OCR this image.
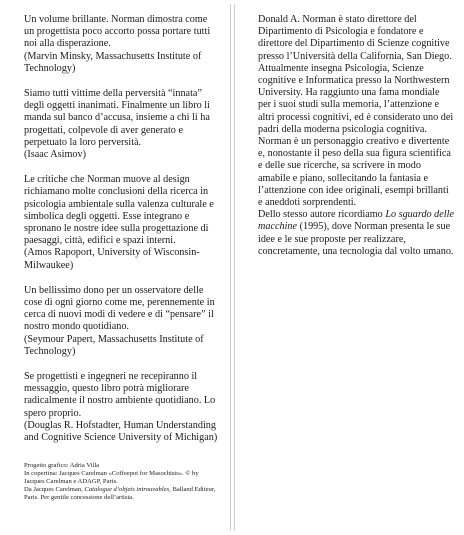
Un volume brillante. Norman dimostra come un progettista poco accorto possa portare tutti noi alla disperazione.

(Marvin Minsky, Massachusetts Institute of Technology)

Siamo tutti vittime della perversità “innata” degli oggetti inanimati. Finalmente un libro li manda sul banco d’accusa, insieme a chi li ha progettati, colpevole di aver generato e perpetuato la loro perversità.

(Isaac Asimov)

Le critiche che Norman muove al design richiamano molte conclusioni della ricerca in psicologia ambientale sulla valenza culturale e simbolica degli oggetti. Esse integrano e spronano le nostre idee sulla progettazione di paesaggi, città, edifici e spazi interni.

(Amos Rapoport, University of Wisconsin-Milwaukee)

Un bellissimo dono per un osservatore delle cose di ogni giorno come me, perennemente in cerca di nuovi modi di vedere e di “pensare” il nostro mondo quotidiano.

(Seymour Papert, Massachusetts Institute of Technology)

Se progettisti e ingegneri ne recepiranno il messaggio, questo libro potrà migliorare radicalmente il nostro ambiente quotidiano. Lo spero proprio.

(Douglas R. Hofstadter, Human Understanding and Cognitive Science University of Michigan)

Progetto grafico: Adria Villa

In copertina: Jacques Carelman «Coffeepot for Masochists». © by Jacques Carelman e ADAGP, Paris.

Da Jacques Carelman, Catalogue d’objets introuvables, Balland Editeur, Paris. Per gentile concessione dell’artista.

Donald A. Norman è stato direttore del Dipartimento di Psicologia e fondatore e direttore del Dipartimento di Scienze cognitive presso l’Università della California, San Diego.

Attualmente insegna Psicologia, Scienze cognitive e Informatica presso la Northwestern University. Ha raggiunto una fama mondiale per i suoi studi sulla memoria, l’attenzione e altri processi cognitivi, ed è considerato uno dei padri della moderna psicologia cognitiva.

Norman è un personaggio creativo e divertente e, nonostante il peso della sua figura scientifica e delle sue ricerche, sa scrivere in modo amabile e piano, sollecitando la fantasia e l’attenzione con idee originali, esempi brillanti e aneddoti sorprendenti.

Dello stesso autore ricordiamo Lo sguardo delle macchine (1995), dove Norman presenta le sue idee e le sue proposte per realizzare, concretamente, una tecnologia dal volto umano.
